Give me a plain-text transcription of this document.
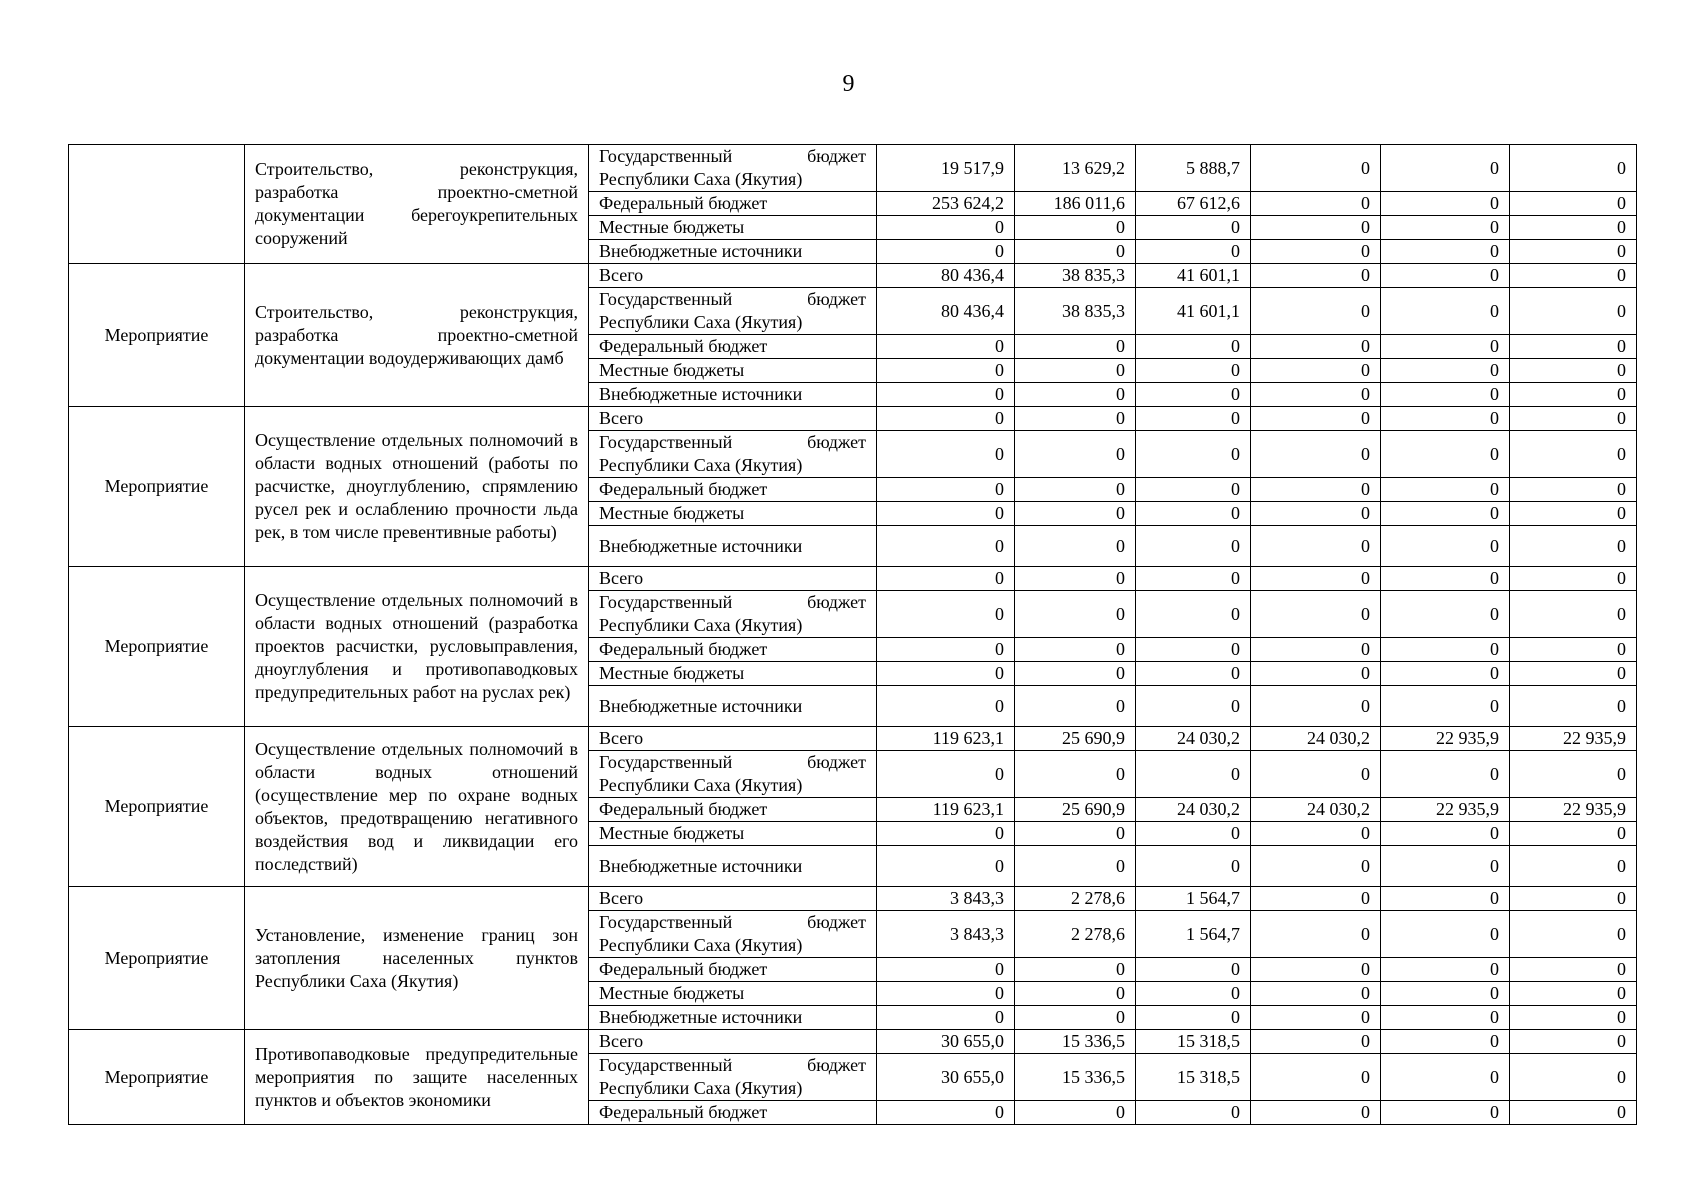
9
	Строительство, реконструкция, разработка проектно-сметной документации берегоукрепительных сооружений	Государственный бюджет Республики Саха (Якутия)	19 517,9	13 629,2	5 888,7	0	0	0
		Федеральный бюджет	253 624,2	186 011,6	67 612,6	0	0	0
		Местные бюджеты	0	0	0	0	0	0
		Внебюджетные источники	0	0	0	0	0	0
Мероприятие	Строительство, реконструкция, разработка проектно-сметной документации водоудерживающих дамб	Всего	80 436,4	38 835,3	41 601,1	0	0	0
		Государственный бюджет Республики Саха (Якутия)	80 436,4	38 835,3	41 601,1	0	0	0
		Федеральный бюджет	0	0	0	0	0	0
		Местные бюджеты	0	0	0	0	0	0
		Внебюджетные источники	0	0	0	0	0	0
Мероприятие	Осуществление отдельных полномочий в области водных отношений (работы по расчистке, дноуглублению, спрямлению русел рек и ослаблению прочности льда рек, в том числе превентивные работы)	Всего	0	0	0	0	0	0
		Государственный бюджет Республики Саха (Якутия)	0	0	0	0	0	0
		Федеральный бюджет	0	0	0	0	0	0
		Местные бюджеты	0	0	0	0	0	0
		Внебюджетные источники	0	0	0	0	0	0
Мероприятие	Осуществление отдельных полномочий в области водных отношений (разработка проектов расчистки, русловыправления, дноуглубления и противопаводковых предупредительных работ на руслах рек)	Всего	0	0	0	0	0	0
		Государственный бюджет Республики Саха (Якутия)	0	0	0	0	0	0
		Федеральный бюджет	0	0	0	0	0	0
		Местные бюджеты	0	0	0	0	0	0
		Внебюджетные источники	0	0	0	0	0	0
Мероприятие	Осуществление отдельных полномочий в области водных отношений (осуществление мер по охране водных объектов, предотвращению негативного воздействия вод и ликвидации его последствий)	Всего	119 623,1	25 690,9	24 030,2	24 030,2	22 935,9	22 935,9
		Государственный бюджет Республики Саха (Якутия)	0	0	0	0	0	0
		Федеральный бюджет	119 623,1	25 690,9	24 030,2	24 030,2	22 935,9	22 935,9
		Местные бюджеты	0	0	0	0	0	0
		Внебюджетные источники	0	0	0	0	0	0
Мероприятие	Установление, изменение границ зон затопления населенных пунктов Республики Саха (Якутия)	Всего	3 843,3	2 278,6	1 564,7	0	0	0
		Государственный бюджет Республики Саха (Якутия)	3 843,3	2 278,6	1 564,7	0	0	0
		Федеральный бюджет	0	0	0	0	0	0
		Местные бюджеты	0	0	0	0	0	0
		Внебюджетные источники	0	0	0	0	0	0
Мероприятие	Противопаводковые предупредительные мероприятия по защите населенных пунктов и объектов экономики	Всего	30 655,0	15 336,5	15 318,5	0	0	0
		Государственный бюджет Республики Саха (Якутия)	30 655,0	15 336,5	15 318,5	0	0	0
		Федеральный бюджет	0	0	0	0	0	0
